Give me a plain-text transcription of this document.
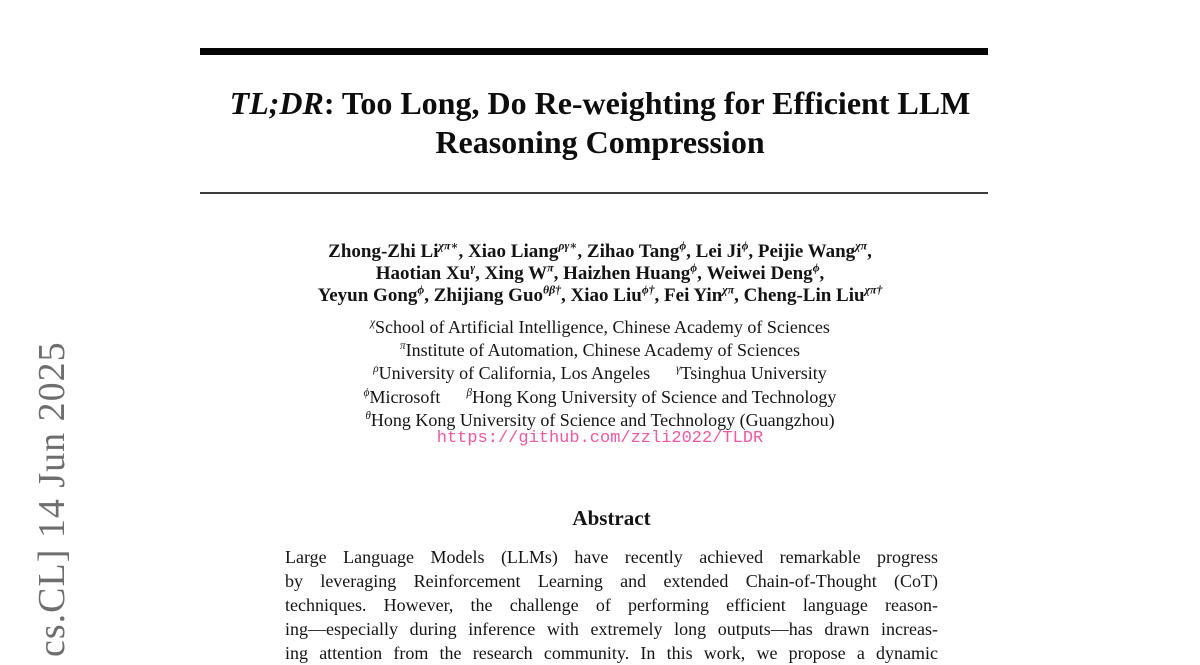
cs.CL] 14 Jun 2025
TL;DR: Too Long, Do Re-weighting for Efficient LLM
Reasoning Compression
Zhong-Zhi $Li^{\chi\pi∗}$, Xiao Liang$^{\rho\gamma∗}$, Zihao Tang$^\phi$, Lei $Ji^\phi$, Peijie Wang$^{\chi\pi}$,
Haotian $Xu^\gamma$, Xing $W^\pi$, Haizhen Huang$^\phi$, Weiwei Deng$^\phi$,
Yeyun Gong$^\phi$, Zhijiang Guo$^{\theta\beta\dagger}$, Xiao Liu$^{\phi\dagger}$, Fei Yin$^{\chi\pi}$, Cheng-Lin Liu$^{\chi\pi\dagger}$
$^\chi$School of Artificial Intelligence, Chinese Academy of Sciences
$^\pi$Institute of Automation, Chinese Academy of Sciences
$^\rho$University of California, Los Angeles $^\gamma$Tsinghua University
$^\phi$Microsoft $^\beta$Hong Kong University of Science and Technology
$^\theta$Hong Kong University of Science and Technology (Guangzhou)
https://github.com/zzli2022/TLDR
Abstract
Large Language Models (LLMs) have recently achieved remarkable progress
by leveraging Reinforcement Learning and extended Chain-of-Thought (CoT)
techniques. However, the challenge of performing efficient language reason-
ing—especially during inference with extremely long outputs—has drawn increas-
ing attention from the research community. In this work, we propose a dynamic
